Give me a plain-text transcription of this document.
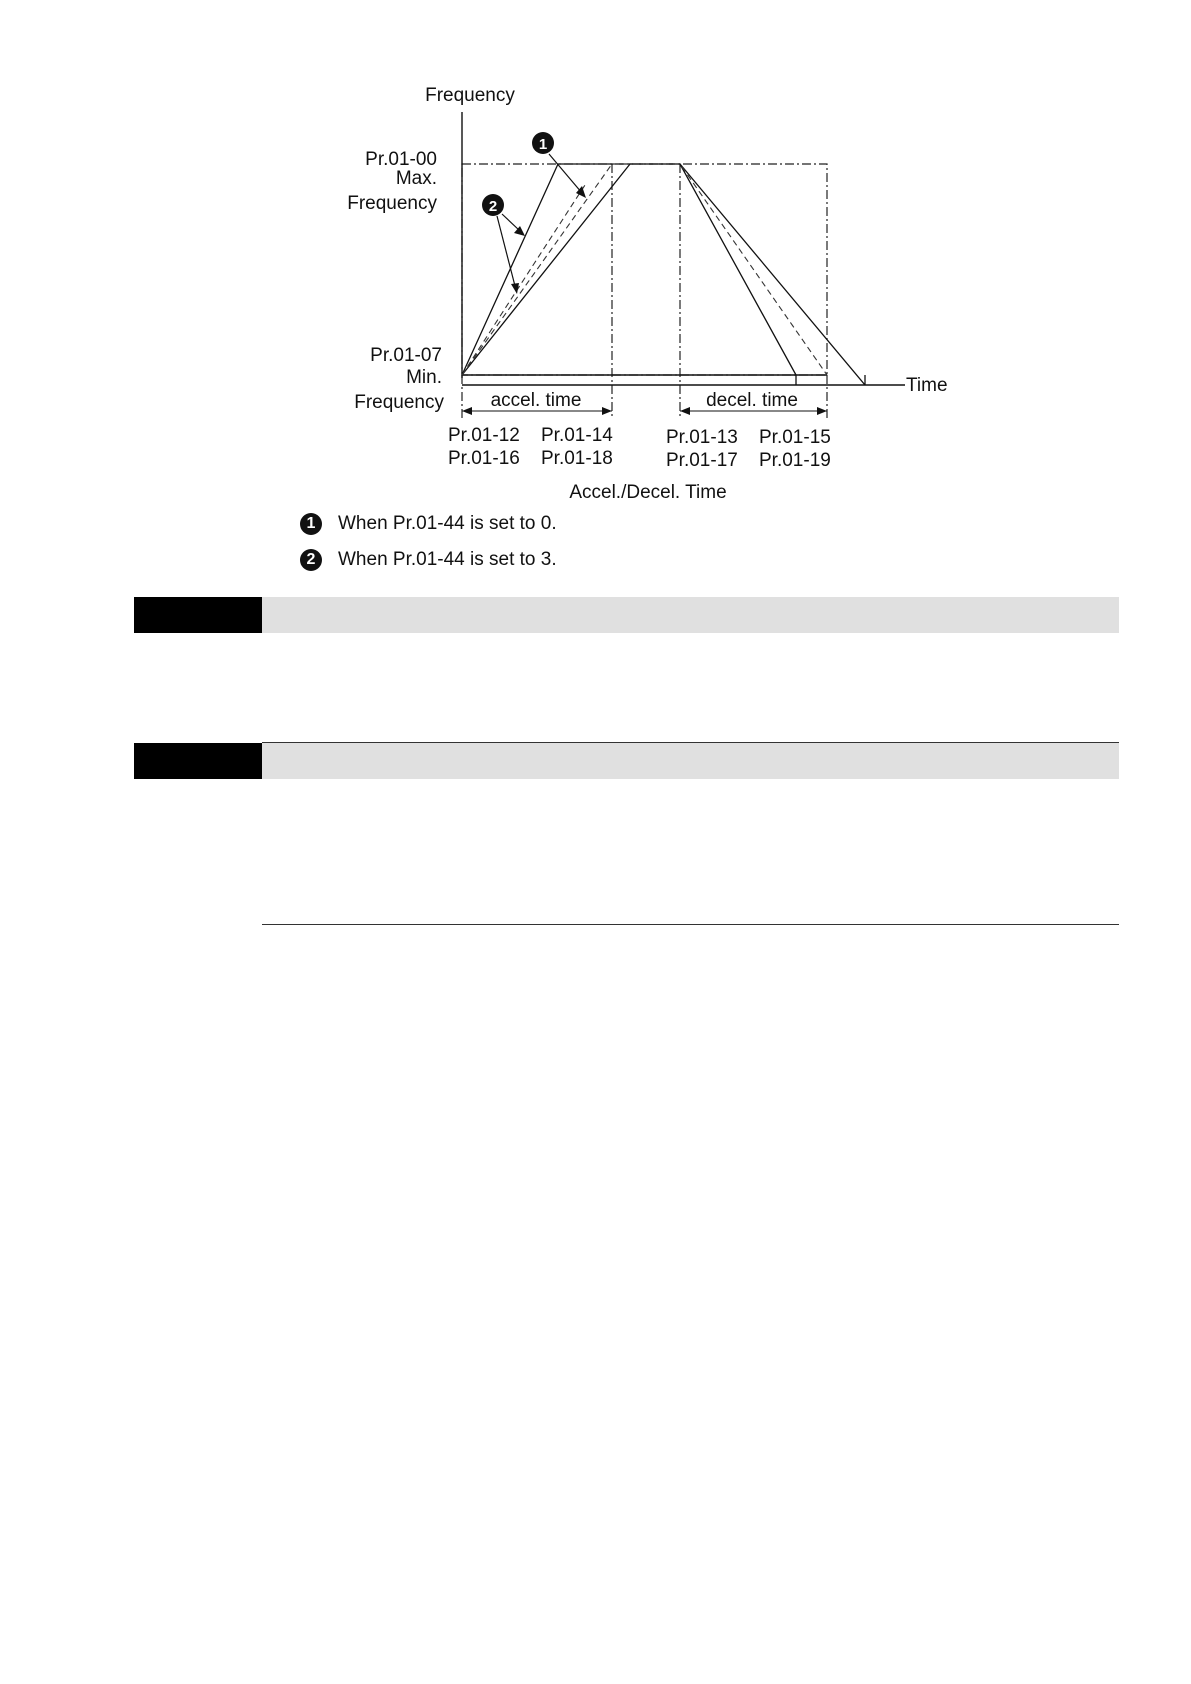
1
2
Frequency
Time
Pr.01-00
Max.
Frequency
Pr.01-07
Min.
Frequency accel. time	decel. time
Pr.01-12 Pr.01-14
Pr.01-16 Pr.01-18
Pr.01-13 Pr.01-15
Pr.01-17 Pr.01-19
Accel./Decel. Time
1	When Pr.01-44 is set to 0.
2	When Pr.01-44 is set to 3.
